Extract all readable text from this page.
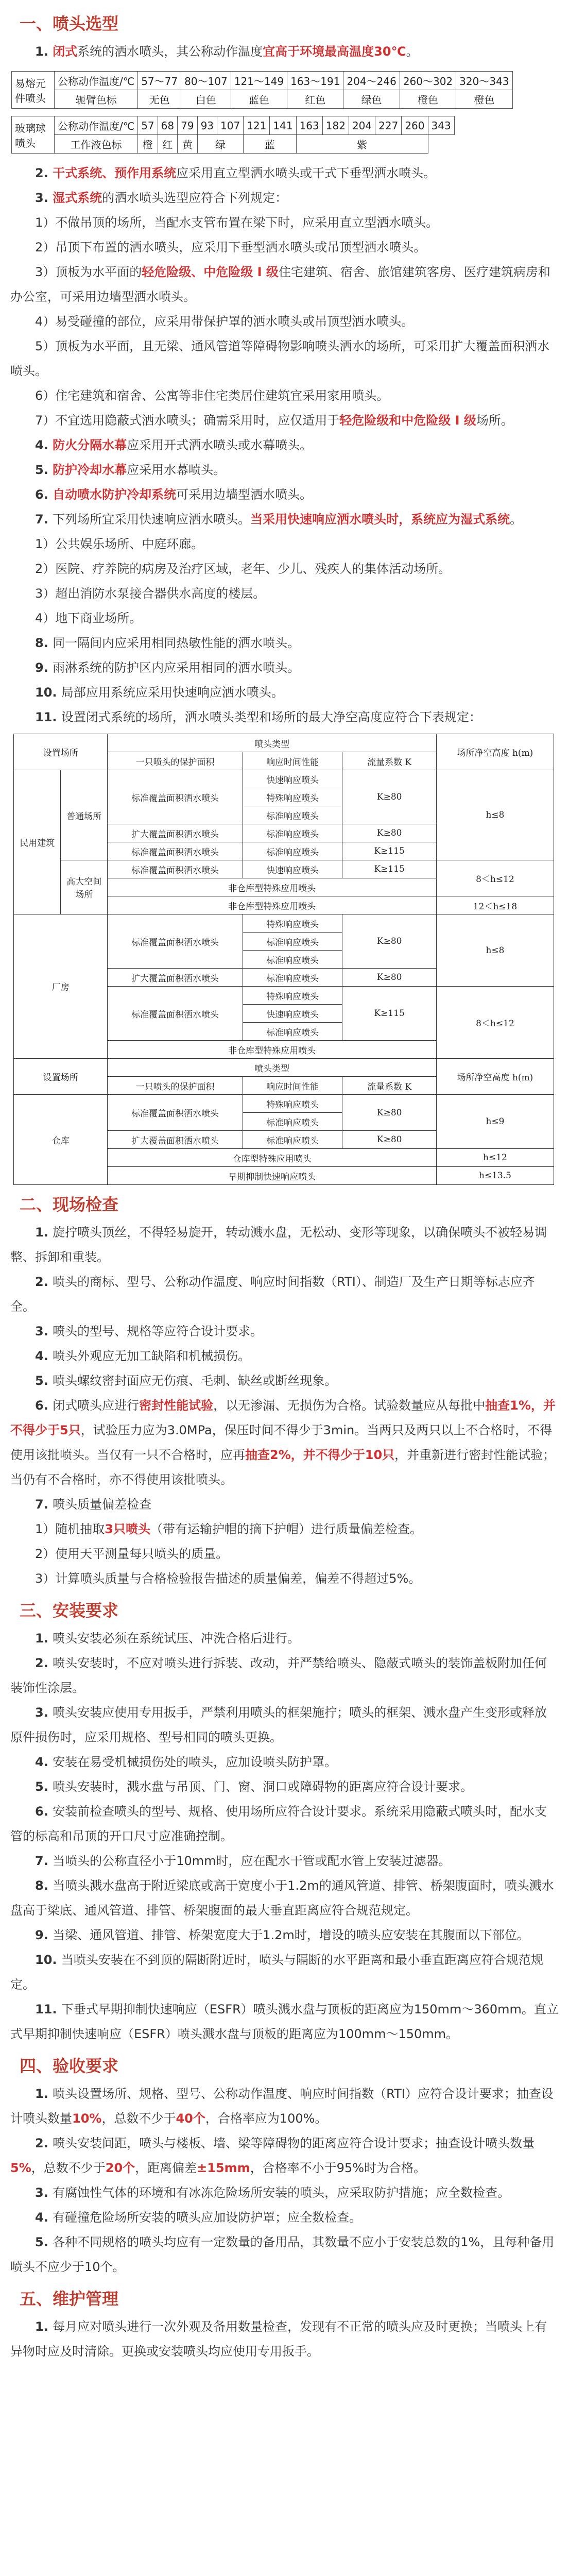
一、喷头选型

1. 闭式系统的洒水喷头，其公称动作温度宜高于环境最高温度30℃。

易熔元件喷头	公称动作温度/℃	57～77	80～107	121～149	163～191	204～246	260～302	320～343
	轭臂色标	无色	白色	蓝色	红色	绿色	橙色	橙色
玻璃球喷头	公称动作温度/℃	57	68	79	93	107	121	141	163	182	204	227	260	343
	工作液色标	橙	红	黄	绿		蓝		紫					

2. 干式系统、预作用系统应采用直立型洒水喷头或干式下垂型洒水喷头。

3. 湿式系统的洒水喷头选型应符合下列规定：

1）不做吊顶的场所，当配水支管布置在梁下时，应采用直立型洒水喷头。

2）吊顶下布置的洒水喷头，应采用下垂型洒水喷头或吊顶型洒水喷头。

3）顶板为水平面的轻危险级、中危险级 I 级住宅建筑、宿舍、旅馆建筑客房、医疗建筑病房和办公室，可采用边墙型洒水喷头。

4）易受碰撞的部位，应采用带保护罩的洒水喷头或吊顶型洒水喷头。

5）顶板为水平面，且无梁、通风管道等障碍物影响喷头洒水的场所，可采用扩大覆盖面积洒水喷头。

6）住宅建筑和宿舍、公寓等非住宅类居住建筑宜采用家用喷头。

7）不宜选用隐蔽式洒水喷头；确需采用时，应仅适用于轻危险级和中危险级 I 级场所。

4. 防火分隔水幕应采用开式洒水喷头或水幕喷头。

5. 防护冷却水幕应采用水幕喷头。

6. 自动喷水防护冷却系统可采用边墙型洒水喷头。

7. 下列场所宜采用快速响应洒水喷头。当采用快速响应洒水喷头时，系统应为湿式系统。

1）公共娱乐场所、中庭环廊。

2）医院、疗养院的病房及治疗区域，老年、少儿、残疾人的集体活动场所。

3）超出消防水泵接合器供水高度的楼层。

4）地下商业场所。

8. 同一隔间内应采用相同热敏性能的洒水喷头。

9. 雨淋系统的防护区内应采用相同的洒水喷头。

10. 局部应用系统应采用快速响应洒水喷头。

11. 设置闭式系统的场所，洒水喷头类型和场所的最大净空高度应符合下表规定：

设置场所		喷头类型			场所净空高度 h(m)
		一只喷头的保护面积	响应时间性能	流量系数 K	
民用建筑	普通场所	标准覆盖面积洒水喷头	快速响应喷头	K≥80	h≤8
			特殊响应喷头		
			标准响应喷头		
		扩大覆盖面积洒水喷头	标准响应喷头	K≥80	
		标准覆盖面积洒水喷头	标准响应喷头	K≥115	
	高大空间场所	标准覆盖面积洒水喷头	快速响应喷头	K≥115	8＜h≤12
		非仓库型特殊应用喷头			
		非仓库型特殊应用喷头			12＜h≤18
厂房		标准覆盖面积洒水喷头	特殊响应喷头	K≥80	h≤8
			标准响应喷头		
			标准响应喷头		
		扩大覆盖面积洒水喷头	标准响应喷头	K≥80	
		标准覆盖面积洒水喷头	特殊响应喷头	K≥115	8＜h≤12
			快速响应喷头		
			标准响应喷头		
		非仓库型特殊应用喷头			
设置场所		喷头类型			场所净空高度 h(m)
		一只喷头的保护面积	响应时间性能	流量系数 K	
仓库		标准覆盖面积洒水喷头	特殊响应喷头	K≥80	h≤9
			标准响应喷头		
		扩大覆盖面积洒水喷头	标准响应喷头	K≥80	
		仓库型特殊应用喷头			h≤12
		早期抑制快速响应喷头			h≤13.5
二、现场检查

1. 旋拧喷头顶丝，不得轻易旋开，转动溅水盘，无松动、变形等现象，以确保喷头不被轻易调整、拆卸和重装。

2. 喷头的商标、型号、公称动作温度、响应时间指数（RTI）、制造厂及生产日期等标志应齐全。

3. 喷头的型号、规格等应符合设计要求。

4. 喷头外观应无加工缺陷和机械损伤。

5. 喷头螺纹密封面应无伤痕、毛刺、缺丝或断丝现象。

6. 闭式喷头应进行密封性能试验，以无渗漏、无损伤为合格。试验数量应从每批中抽查1%，并不得少于5只，试验压力应为3.0MPa，保压时间不得少于3min。当两只及两只以上不合格时，不得使用该批喷头。当仅有一只不合格时，应再抽查2%，并不得少于10只，并重新进行密封性能试验；当仍有不合格时，亦不得使用该批喷头。

7. 喷头质量偏差检查

1）随机抽取3只喷头（带有运输护帽的摘下护帽）进行质量偏差检查。

2）使用天平测量每只喷头的质量。

3）计算喷头质量与合格检验报告描述的质量偏差，偏差不得超过5%。

三、安装要求

1. 喷头安装必须在系统试压、冲洗合格后进行。

2. 喷头安装时，不应对喷头进行拆装、改动，并严禁给喷头、隐蔽式喷头的装饰盖板附加任何装饰性涂层。

3. 喷头安装应使用专用扳手，严禁利用喷头的框架施拧；喷头的框架、溅水盘产生变形或释放原件损伤时，应采用规格、型号相同的喷头更换。

4. 安装在易受机械损伤处的喷头，应加设喷头防护罩。

5. 喷头安装时，溅水盘与吊顶、门、窗、洞口或障碍物的距离应符合设计要求。

6. 安装前检查喷头的型号、规格、使用场所应符合设计要求。系统采用隐蔽式喷头时，配水支管的标高和吊顶的开口尺寸应准确控制。

7. 当喷头的公称直径小于10mm时，应在配水干管或配水管上安装过滤器。

8. 当喷头溅水盘高于附近梁底或高于宽度小于1.2m的通风管道、排管、桥架腹面时，喷头溅水盘高于梁底、通风管道、排管、桥架腹面的最大垂直距离应符合规范规定。

9. 当梁、通风管道、排管、桥架宽度大于1.2m时，增设的喷头应安装在其腹面以下部位。

10. 当喷头安装在不到顶的隔断附近时，喷头与隔断的水平距离和最小垂直距离应符合规范规定。

11. 下垂式早期抑制快速响应（ESFR）喷头溅水盘与顶板的距离应为150mm～360mm。直立式早期抑制快速响应（ESFR）喷头溅水盘与顶板的距离应为100mm～150mm。

四、验收要求

1. 喷头设置场所、规格、型号、公称动作温度、响应时间指数（RTI）应符合设计要求；抽查设计喷头数量10%，总数不少于40个，合格率应为100%。

2. 喷头安装间距，喷头与楼板、墙、梁等障碍物的距离应符合设计要求；抽查设计喷头数量5%，总数不少于20个，距离偏差±15mm，合格率不小于95%时为合格。

3. 有腐蚀性气体的环境和有冰冻危险场所安装的喷头，应采取防护措施；应全数检查。

4. 有碰撞危险场所安装的喷头应加设防护罩；应全数检查。

5. 各种不同规格的喷头均应有一定数量的备用品，其数量不应小于安装总数的1%，且每种备用喷头不应少于10个。

五、维护管理

1. 每月应对喷头进行一次外观及备用数量检查，发现有不正常的喷头应及时更换；当喷头上有异物时应及时清除。更换或安装喷头均应使用专用扳手。
